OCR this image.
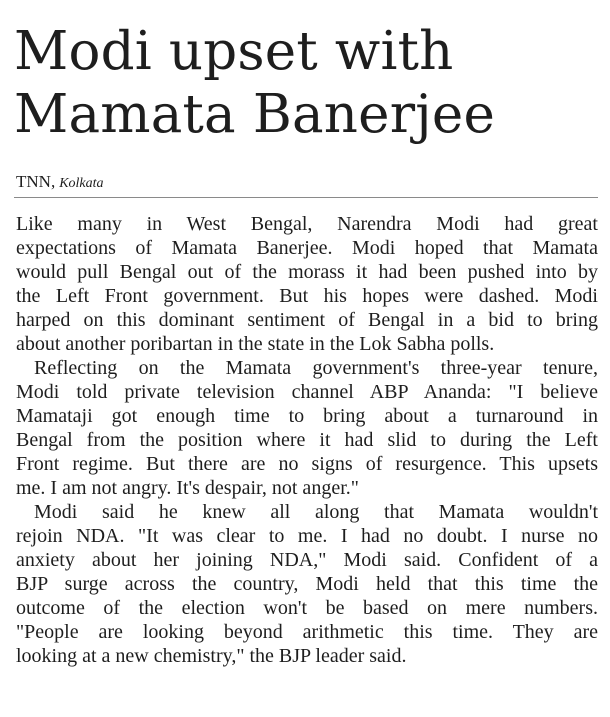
Modi upset with
Mamata Banerjee
TNN, Kolkata
Like many in West Bengal, Narendra Modi had great
expectations of Mamata Banerjee. Modi hoped that Mamata
would pull Bengal out of the morass it had been pushed into by
the Left Front government. But his hopes were dashed. Modi
harped on this dominant sentiment of Bengal in a bid to bring
about another poribartan in the state in the Lok Sabha polls.
Reflecting on the Mamata government's three-year tenure,
Modi told private television channel ABP Ananda: "I believe
Mamataji got enough time to bring about a turnaround in
Bengal from the position where it had slid to during the Left
Front regime. But there are no signs of resurgence. This upsets
me. I am not angry. It's despair, not anger."
Modi said he knew all along that Mamata wouldn't
rejoin NDA. "It was clear to me. I had no doubt. I nurse no
anxiety about her joining NDA," Modi said. Confident of a
BJP surge across the country, Modi held that this time the
outcome of the election won't be based on mere numbers.
"People are looking beyond arithmetic this time. They are
looking at a new chemistry," the BJP leader said.
